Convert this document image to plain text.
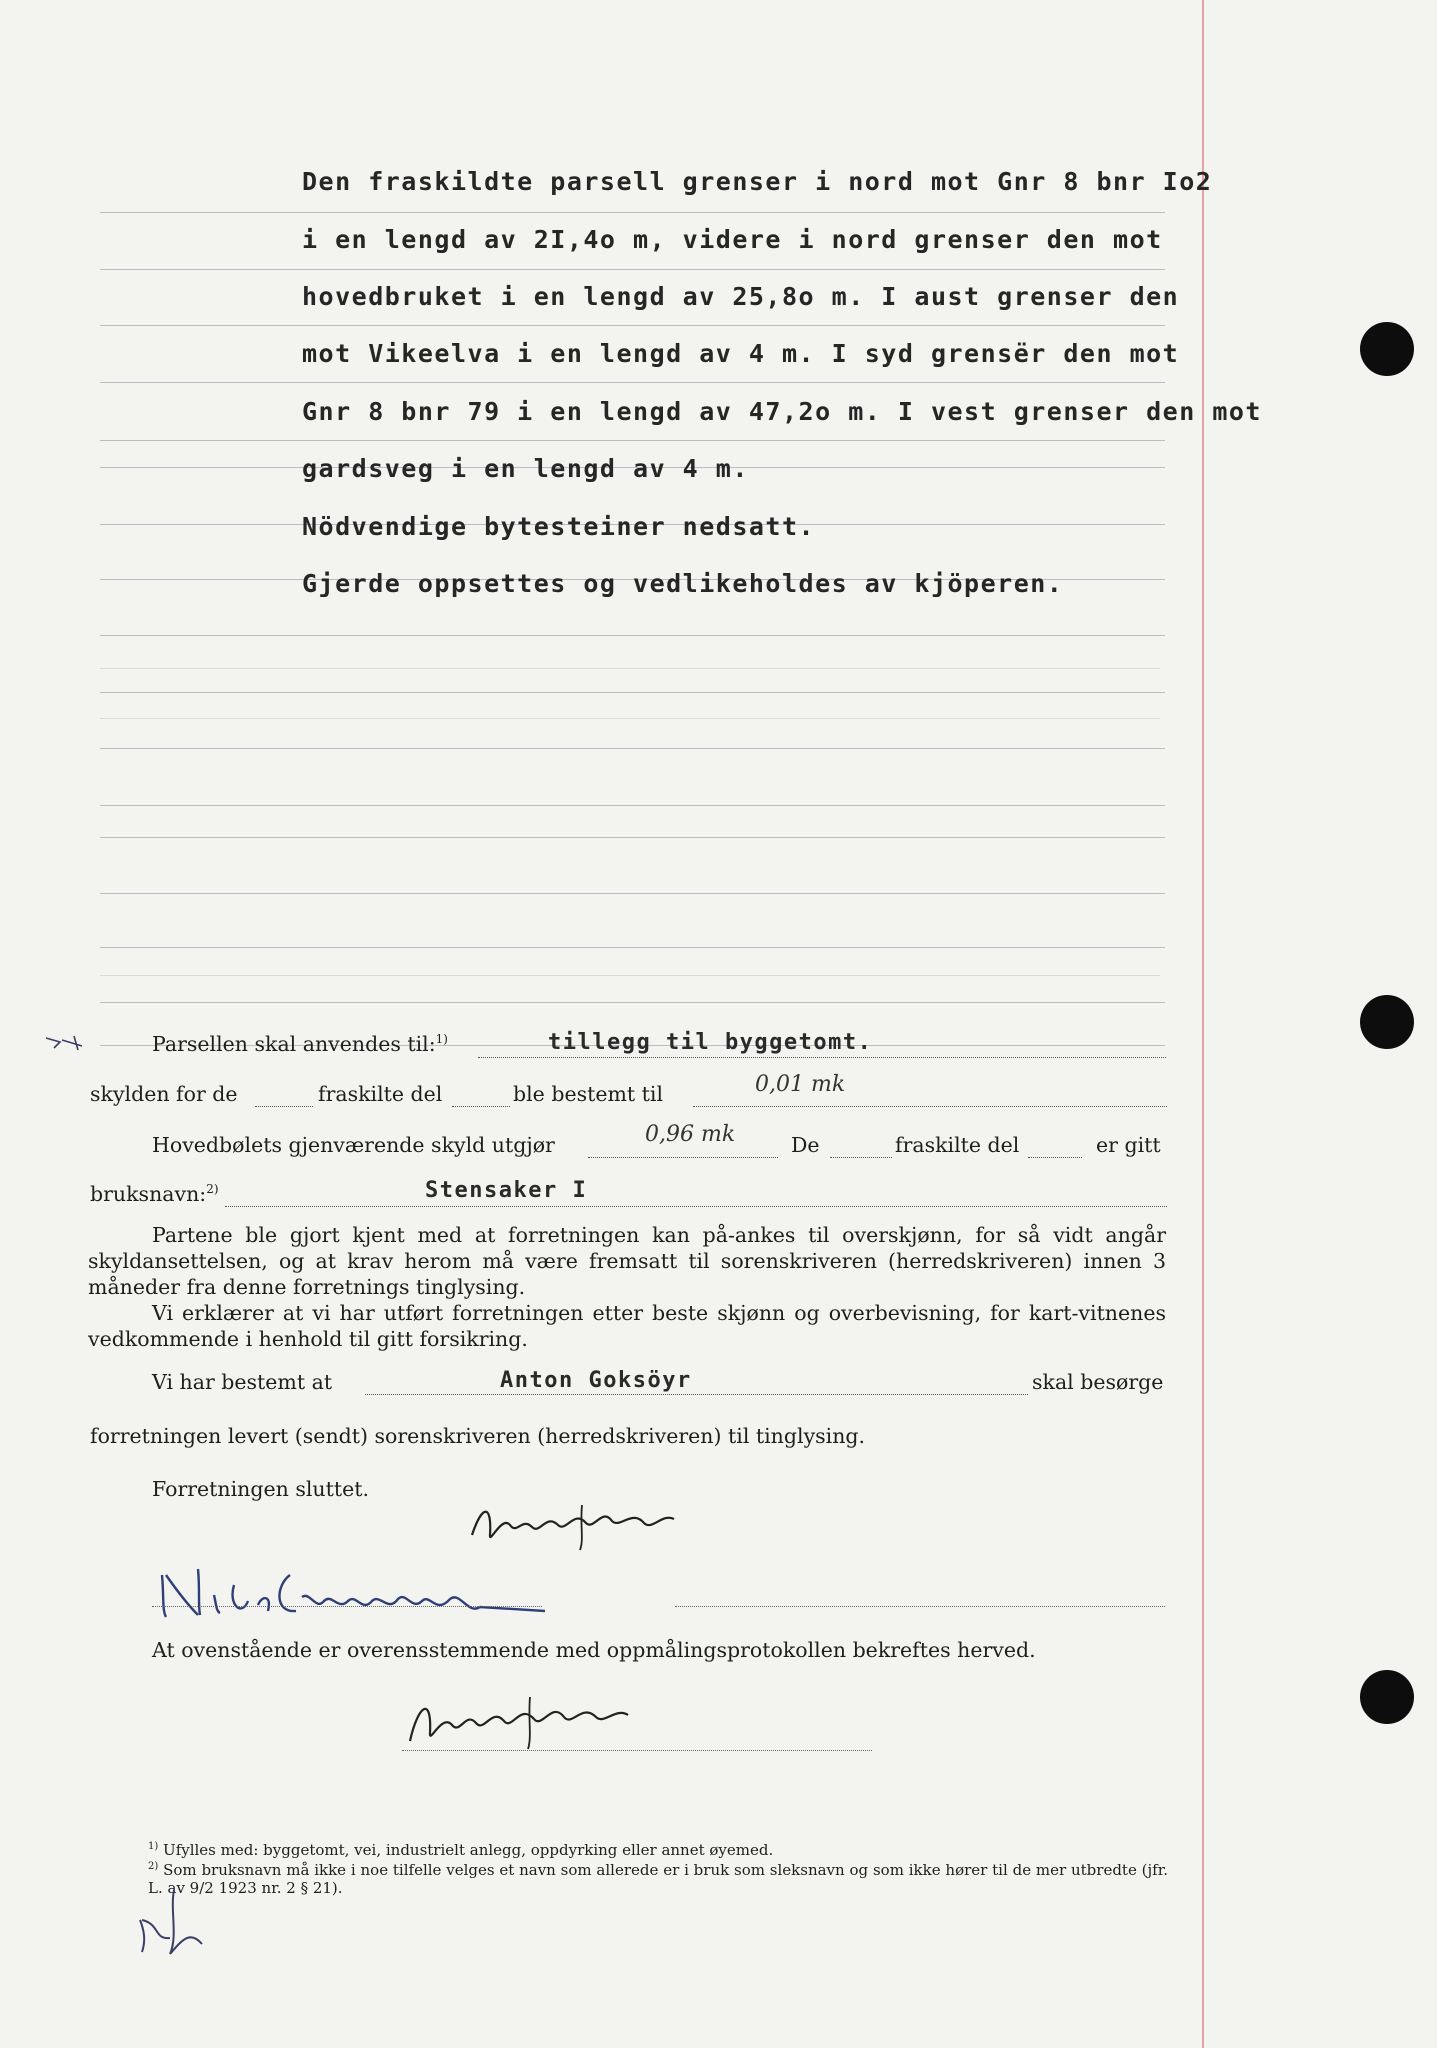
Den fraskildte parsell grenser i nord mot Gnr 8 bnr Io2
i en lengd av 2I,4o m, videre i nord grenser den mot
hovedbruket i en lengd av 25,8o m. I aust grenser den
mot Vikeelva i en lengd av 4 m. I syd grensër den mot
Gnr 8 bnr 79 i en lengd av 47,2o m. I vest grenser den mot
gardsveg i en lengd av 4 m.
Nödvendige bytesteiner nedsatt.
Gjerde oppsettes og vedlikeholdes av kjöperen.
Parsellen skal anvendes til:$^{1)}$	tillegg til byggetomt.
skylden for de	fraskilte del	ble bestemt til	0,01 mk
Hovedbølets gjenværende skyld utgjør	0,96 mk	De	fraskilte del	er gitt
bruksnavn:$^{2)}$	Stensaker I
Partene ble gjort kjent med at forretningen kan på-ankes til overskjønn, for så vidt angår skyldansettelsen, og at krav herom må være fremsatt til sorenskriveren (herredskriveren) innen 3 måneder fra denne forretnings tinglysing.
Vi erklærer at vi har utført forretningen etter beste skjønn og overbevisning, for kart-vitnenes vedkommende i henhold til gitt forsikring.
Vi har bestemt at	Anton Goksöyr	skal besørge
forretningen levert (sendt) sorenskriveren (herredskriveren) til tinglysing.
Forretningen sluttet.
At ovenstående er overensstemmende med oppmålingsprotokollen bekreftes herved.
$^{1)}$ Ufylles med: byggetomt, vei, industrielt anlegg, oppdyrking eller annet øyemed.
$^{2)}$ Som bruksnavn må ikke i noe tilfelle velges et navn som allerede er i bruk som sleksnavn og som ikke hører til de mer utbredte (jfr. L. av 9/2 1923 nr. 2 § 21).
